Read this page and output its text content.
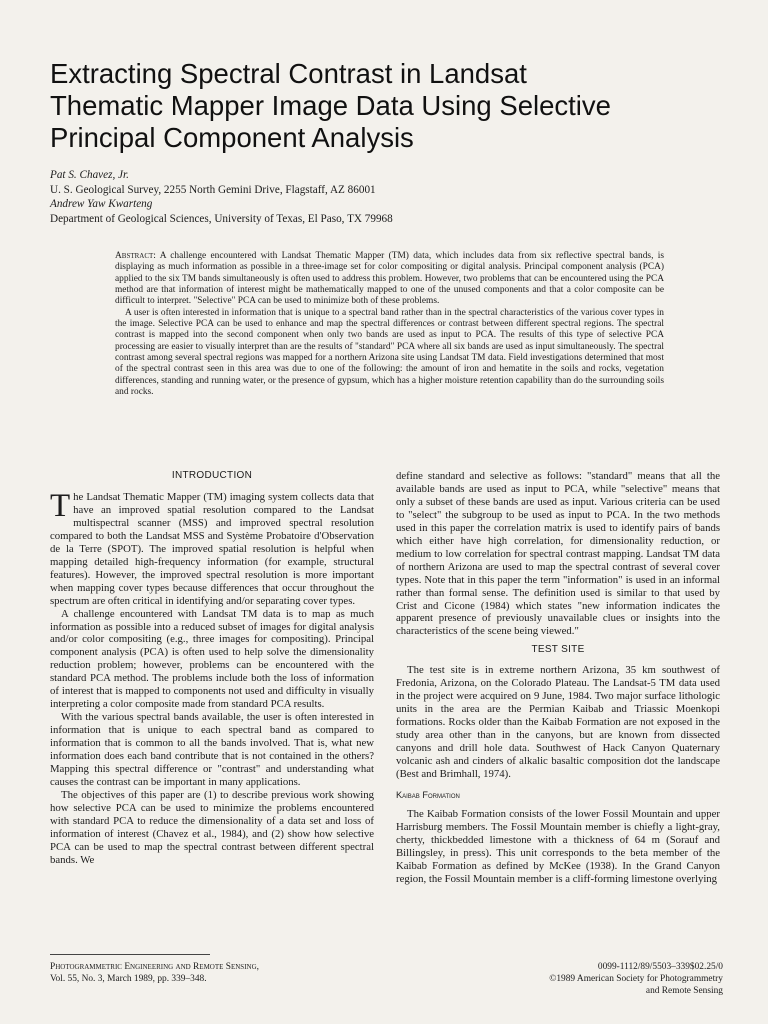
Extracting Spectral Contrast in Landsat
Thematic Mapper Image Data Using Selective
Principal Component Analysis
Pat S. Chavez, Jr.
U. S. Geological Survey, 2255 North Gemini Drive, Flagstaff, AZ 86001
Andrew Yaw Kwarteng
Department of Geological Sciences, University of Texas, El Paso, TX 79968

Abstract: A challenge encountered with Landsat Thematic Mapper (TM) data, which includes data from six reflective spectral bands, is displaying as much information as possible in a three-image set for color compositing or digital analysis. Principal component analysis (PCA) applied to the six TM bands simultaneously is often used to address this problem. However, two problems that can be encountered using the PCA method are that information of interest might be mathematically mapped to one of the unused components and that a color composite can be difficult to interpret. "Selective" PCA can be used to minimize both of these problems.

A user is often interested in information that is unique to a spectral band rather than in the spectral characteristics of the various cover types in the image. Selective PCA can be used to enhance and map the spectral differences or contrast between different spectral regions. The spectral contrast is mapped into the second component when only two bands are used as input to PCA. The results of this type of selective PCA processing are easier to visually interpret than are the results of "standard" PCA where all six bands are used as input simultaneously. The spectral contrast among several spectral regions was mapped for a northern Arizona site using Landsat TM data. Field investigations determined that most of the spectral contrast seen in this area was due to one of the following: the amount of iron and hematite in the soils and rocks, vegetation differences, standing and running water, or the presence of gypsum, which has a higher moisture retention capability than do the surrounding soils and rocks.

INTRODUCTION

The Landsat Thematic Mapper (TM) imaging system collects data that have an improved spatial resolution compared to the Landsat multispectral scanner (MSS) and improved spectral resolution compared to both the Landsat MSS and Système Probatoire d'Observation de la Terre (SPOT). The improved spatial resolution is helpful when mapping detailed high-frequency information (for example, structural features). However, the improved spectral resolution is more important when mapping cover types because differences that occur throughout the spectrum are often critical in identifying and/or separating cover types.

A challenge encountered with Landsat TM data is to map as much information as possible into a reduced subset of images for digital analysis and/or color compositing (e.g., three images for compositing). Principal component analysis (PCA) is often used to help solve the dimensionality reduction problem; however, problems can be encountered with the standard PCA method. The problems include both the loss of information of interest that is mapped to components not used and difficulty in visually interpreting a color composite made from standard PCA results.

With the various spectral bands available, the user is often interested in information that is unique to each spectral band as compared to information that is common to all the bands involved. That is, what new information does each band contribute that is not contained in the others? Mapping this spectral difference or "contrast" and understanding what causes the contrast can be important in many applications.

The objectives of this paper are (1) to describe previous work showing how selective PCA can be used to minimize the problems encountered with standard PCA to reduce the dimensionality of a data set and loss of information of interest (Chavez et al., 1984), and (2) show how selective PCA can be used to map the spectral contrast between different spectral bands. We

define standard and selective as follows: "standard" means that all the available bands are used as input to PCA, while "selective" means that only a subset of these bands are used as input. Various criteria can be used to "select" the subgroup to be used as input to PCA. In the two methods used in this paper the correlation matrix is used to identify pairs of bands which either have high correlation, for dimensionality reduction, or medium to low correlation for spectral contrast mapping. Landsat TM data of northern Arizona are used to map the spectral contrast of several cover types. Note that in this paper the term "information" is used in an informal rather than formal sense. The definition used is similar to that used by Crist and Cicone (1984) which states "new information indicates the apparent presence of previously unavailable clues or insights into the characteristics of the scene being viewed."

TEST SITE

The test site is in extreme northern Arizona, 35 km southwest of Fredonia, Arizona, on the Colorado Plateau. The Landsat-5 TM data used in the project were acquired on 9 June, 1984. Two major surface lithologic units in the area are the Permian Kaibab and Triassic Moenkopi formations. Rocks older than the Kaibab Formation are not exposed in the study area other than in the canyons, but are known from dissected canyons and drill hole data. Southwest of Hack Canyon Quaternary volcanic ash and cinders of alkalic basaltic composition dot the landscape (Best and Brimhall, 1974).

Kaibab Formation

The Kaibab Formation consists of the lower Fossil Mountain and upper Harrisburg members. The Fossil Mountain member is chiefly a light-gray, cherty, thickbedded limestone with a thickness of 64 m (Sorauf and Billingsley, in press). This unit corresponds to the beta member of the Kaibab Formation as defined by McKee (1938). In the Grand Canyon region, the Fossil Mountain member is a cliff-forming limestone overlying

Photogrammetric Engineering and Remote Sensing,
Vol. 55, No. 3, March 1989, pp. 339–348.
0099-1112/89/5503–339$02.25/0
©1989 American Society for Photogrammetry
and Remote Sensing
